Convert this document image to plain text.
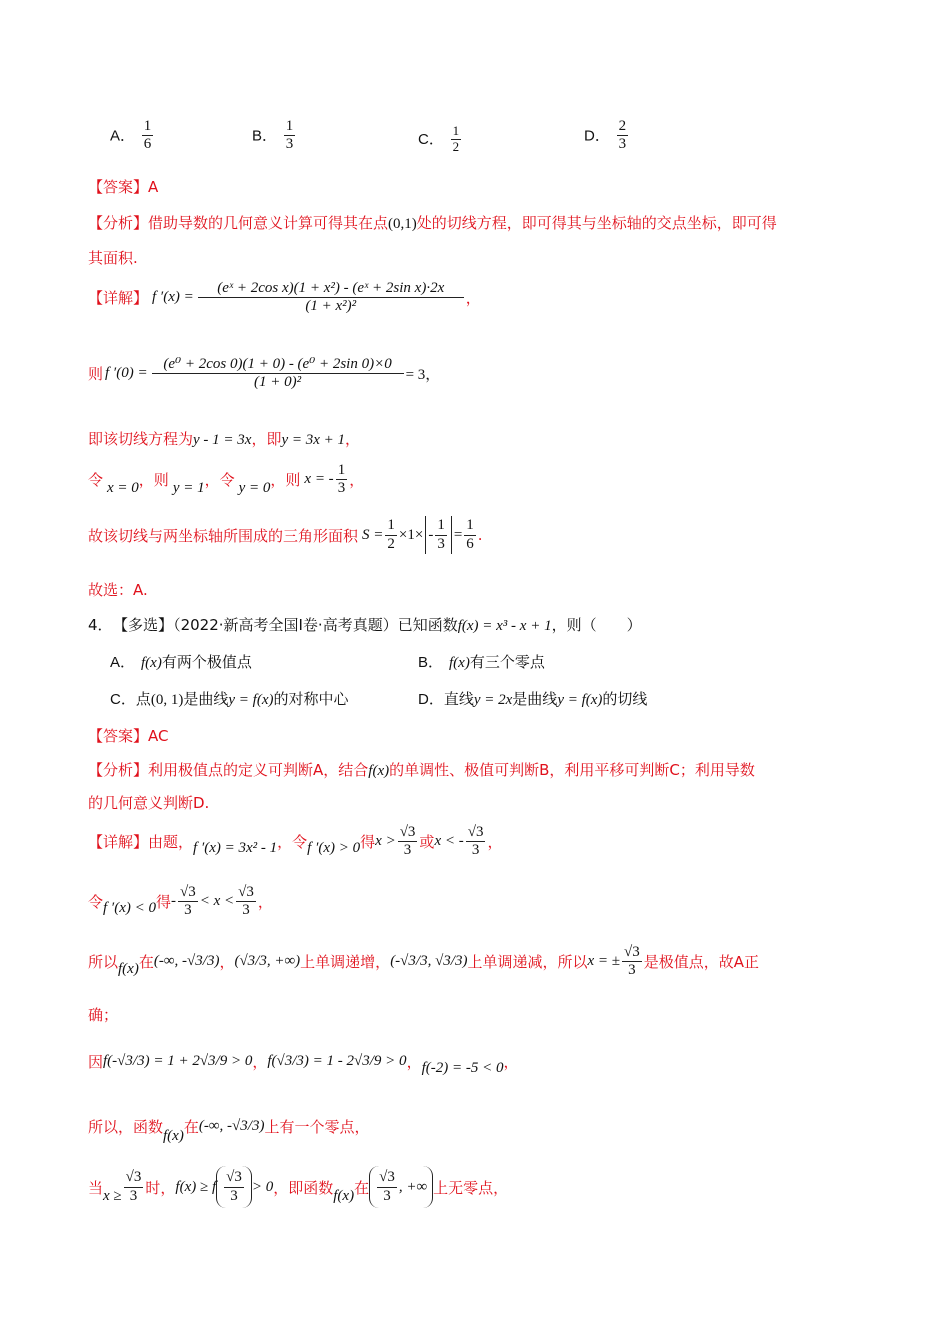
A． $\frac{1}{6}$	B． $\frac{1}{3}$	C． $\frac{1}{2}$	D． $\frac{2}{3}$
【答案】A
【分析】借助导数的几何意义计算可得其在点(0,1)处的切线方程，即可得其与坐标轴的交点坐标，即可得
其面积.
【详解】 f $'(x) = \frac{\text{(eˣ + 2cos x)(1 + x²) - (eˣ + 2sin x)·2x}}{\text{(1 + x²)²}}$ ，
则 f $'(0) = \frac{\text{(e⁰ + 2cos 0)(1 + 0) - (e⁰ + 2sin 0)×0}}{\text{(1 + 0)²}} = 3$，
即该切线方程为y - 1 = 3x，即y = 3x + 1，
令 x = 0 ，则 y = 1 ，令 y = 0 ，则 x = - $\frac{1}{3}$ ，
故该切线与两坐标轴所围成的三角形面积 $S = \frac{1}{2} \times 1\times - \frac{1}{3} = \frac{1}{6}$ .
故选：A.
4． 【多选】（2022·新高考全国Ⅰ卷·高考真题）已知函数f(x) = x³ - x + 1，则（　　）
A． f(x)有两个极值点	B． f(x)有三个零点
C．点(0, 1)是曲线y = f(x)的对称中心	D．直线y = 2x是曲线y = f(x)的切线
【答案】AC
【分析】利用极值点的定义可判断A，结合f(x)的单调性、极值可判断B，利用平移可判断C；利用导数
的几何意义判断D.
【详解】 由题， f ′(x) = 3x² - 1 ，令 f ′(x) > 0 得 $x > \frac{√3}{3}$ 或 x < - $\frac{√3}{3}$ ，
令 f ′(x) < 0 得 - $\frac{√3}{3} < x < \frac{√3}{3}$ ，
所以 f(x) 在 (-∞, -√3/3) ， (√3/3, +∞) 上单调递增， (-√3/3, √3/3) 上单调递减，所以 x = ± $\frac{√3}{3}$ 是极值点，故A正
确；
因 f(-√3/3) = 1 + 2√3/9 > 0 ， f(√3/3) = 1 - 2√3/9 > 0 ， f(-2) = -5 < 0 ，
所以，函数 f(x) 在 (-∞, -√3/3) 上有一个零点，
当 $x \ge \frac{√3}{3}$ 时， f(x) ≥ f $\frac{√3}{3} > 0$ ，即函数 f(x) 在 $\frac{√3}{3}$ , +∞ 上无零点，
